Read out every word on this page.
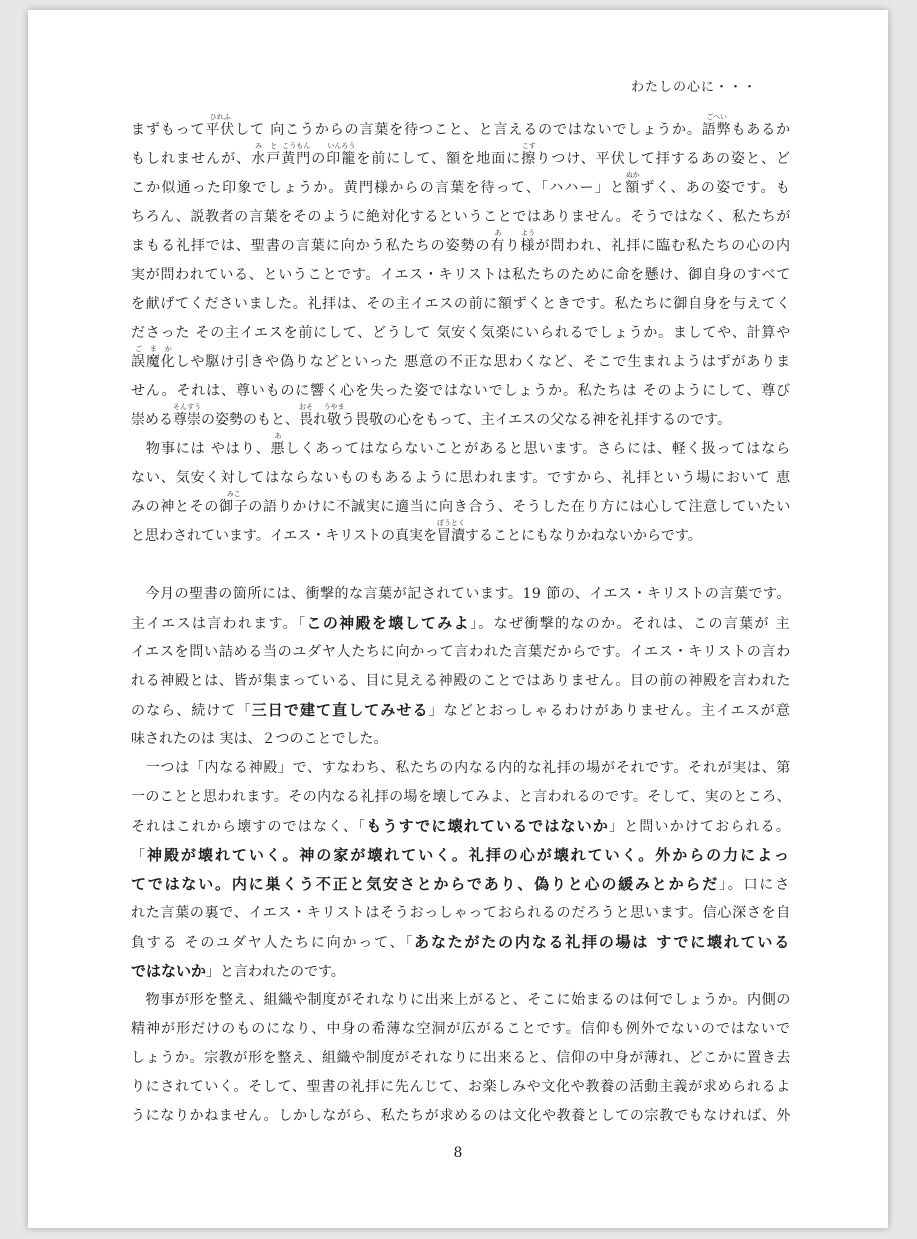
わたしの心に・・・
まずもって平伏
ひれふ
して 向こうからの言葉を待つこと、と言えるのではないでしょうか。語弊
ごへい
もあるか
もしれませんが、水
み
戸
と
黄門
こうもん
の印籠
いんろう
を前にして、額を地面に擦
こす
りつけ、平伏して拝するあの姿と、ど
こか似通った印象でしょうか。黄門様からの言葉を待って、「ハハー」と額
ぬか
ずく、あの姿です。も
ちろん、説教者の言葉をそのように絶対化するということではありません。そうではなく、私たちが
まもる礼拝では、聖書の言葉に向かう私たちの姿勢の有
あ
り様
よう
が問われ、礼拝に臨む私たちの心の内
実が問われている、ということです。イエス・キリストは私たちのために命を懸け、御自身のすべて
を献げてくださいました。礼拝は、その主イエスの前に額ずくときです。私たちに御自身を与えてく
ださった その主イエスを前にして、どうして 気安く気楽にいられるでしょうか。ましてや、計算や
誤
ご
魔
ま
化
か
しや駆け引きや偽りなどといった 悪意の不正な思わくなど、そこで生まれようはずがありま
せん。それは、尊いものに響く心を失った姿ではないでしょうか。私たちは そのようにして、尊び
崇める尊崇
そんすう
の姿勢のもと、畏
おそ
れ敬
うやま
う畏敬の心をもって、主イエスの父なる神を礼拝するのです。
　物事には やはり、悪
あ
しくあってはならないことがあると思います。さらには、軽く扱ってはなら
ない、気安く対してはならないものもあるように思われます。ですから、礼拝という場において 恵
みの神とその御子
みこ
の語りかけに不誠実に適当に向き合う、そうした在り方には心して注意していたい
と思わされています。イエス・キリストの真実を冒瀆
ぼうとく
することにもなりかねないからです。
　今月の聖書の箇所には、衝撃的な言葉が記されています。19 節の、イエス・キリストの言葉です。
主イエスは言われます。「この神殿を壊してみよ」。なぜ衝撃的なのか。それは、この言葉が 主
イエスを問い詰める当のユダヤ人たちに向かって言われた言葉だからです。イエス・キリストの言わ
れる神殿とは、皆が集まっている、目に見える神殿のことではありません。目の前の神殿を言われた
のなら、続けて「三日で建て直してみせる」などとおっしゃるわけがありません。主イエスが意
味されたのは 実は、２つのことでした。
　一つは「内なる神殿」で、すなわち、私たちの内なる内的な礼拝の場がそれです。それが実は、第
一のことと思われます。その内なる礼拝の場を壊してみよ、と言われるのです。そして、実のところ、
それはこれから壊すのではなく、「もうすでに壊れているではないか」と問いかけておられる。
「神殿が壊れていく。神の家が壊れていく。礼拝の心が壊れていく。外からの力によっ
てではない。内に巣くう不正と気安さとからであり、偽りと心の緩みとからだ」。口にさ
れた言葉の裏で、イエス・キリストはそうおっしゃっておられるのだろうと思います。信心深さを自
負する そのユダヤ人たちに向かって、「あなたがたの内なる礼拝の場は すでに壊れている
ではないか」と言われたのです。
　物事が形を整え、組織や制度がそれなりに出来上がると、そこに始まるのは何でしょうか。内側の
精神が形だけのものになり、中身の希薄な空洞が広がることです。信仰も例外でないのではないで
しょうか。宗教が形を整え、組織や制度がそれなりに出来ると、信仰の中身が薄れ、どこかに置き去
りにされていく。そして、聖書の礼拝に先んじて、お楽しみや文化や教養の活動主義が求められるよ
うになりかねません。しかしながら、私たちが求めるのは文化や教養としての宗教でもなければ、外
8
